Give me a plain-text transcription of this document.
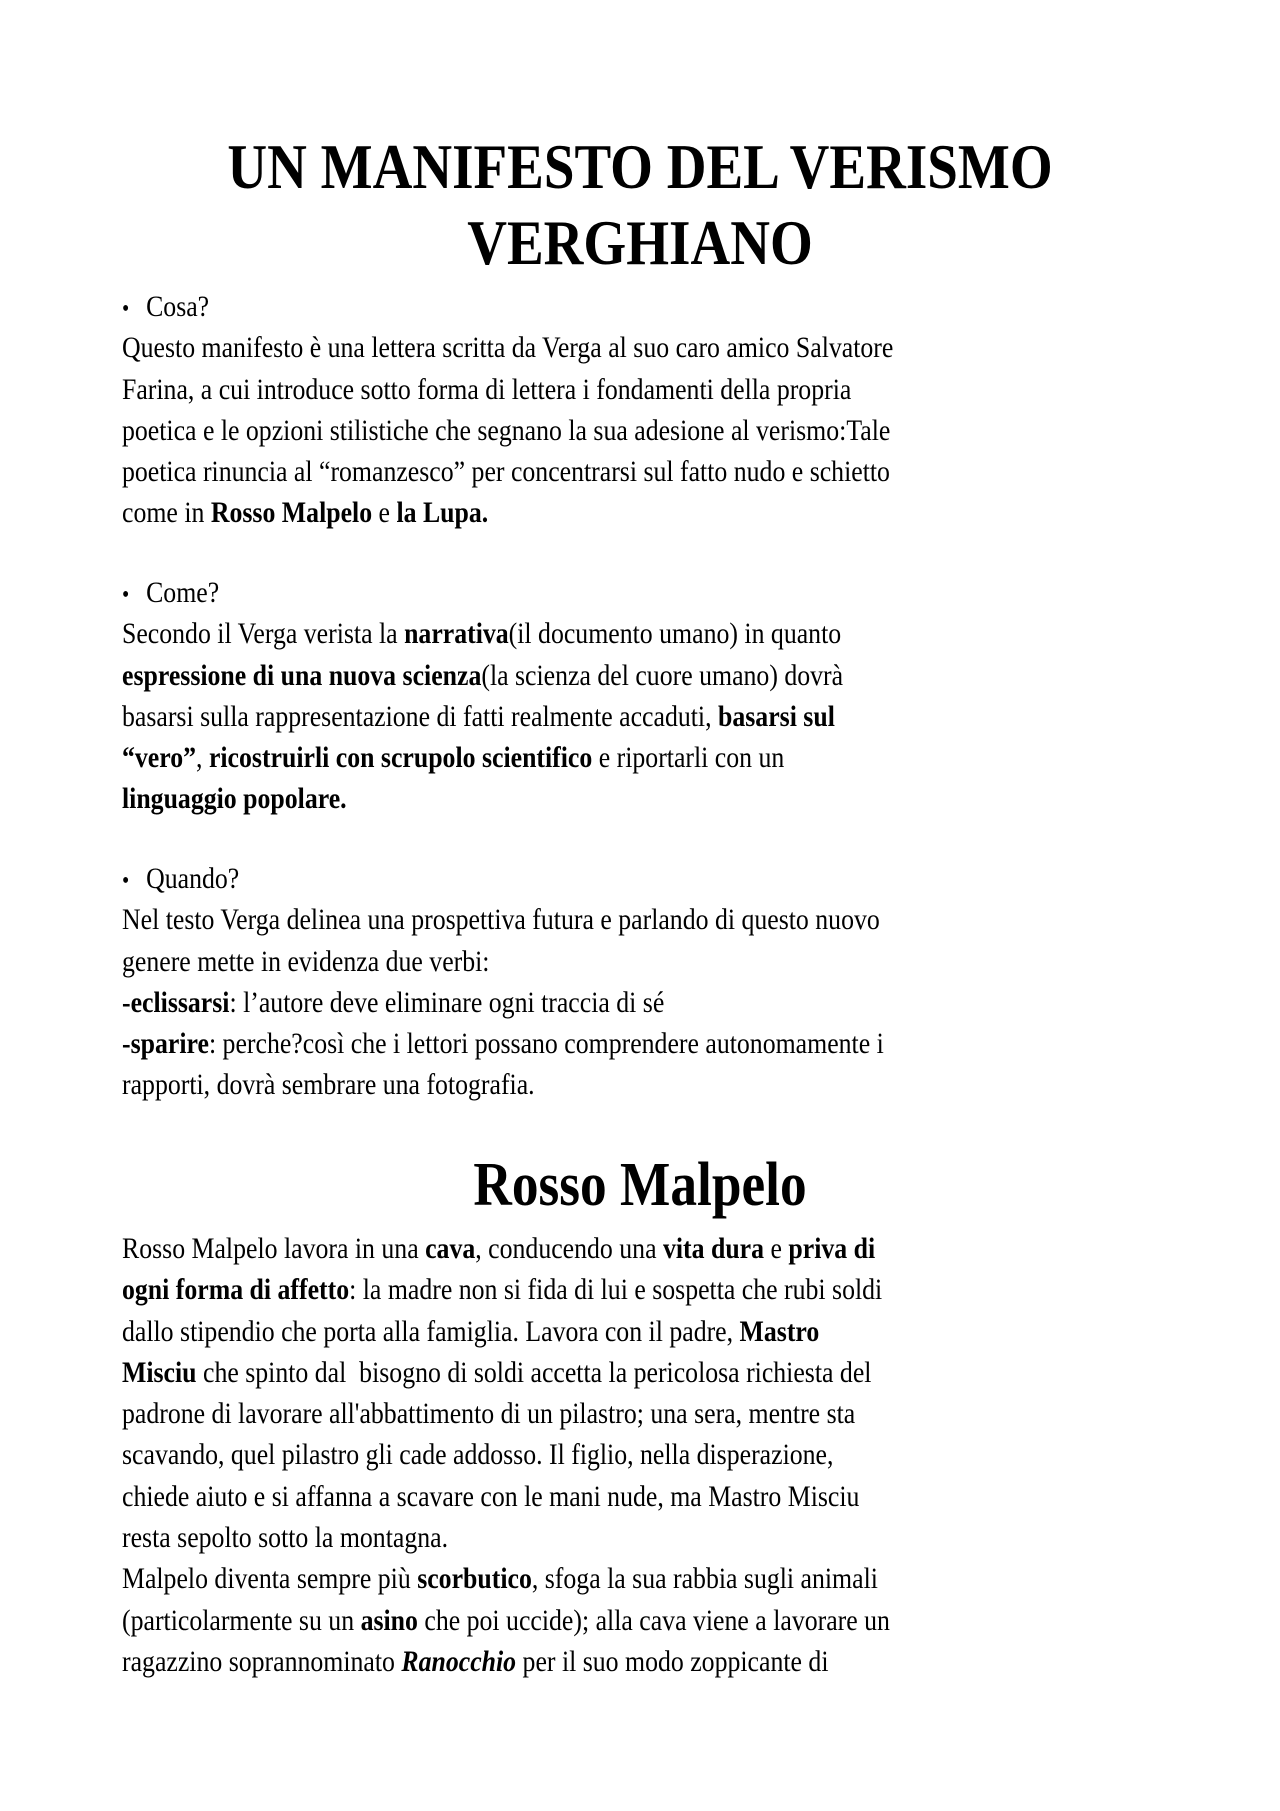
UN MANIFESTO DEL VERISMO
VERGHIANO
• Cosa?
Questo manifesto è una lettera scritta da Verga al suo caro amico Salvatore
Farina, a cui introduce sotto forma di lettera i fondamenti della propria
poetica e le opzioni stilistiche che segnano la sua adesione al verismo:Tale
poetica rinuncia al “romanzesco” per concentrarsi sul fatto nudo e schietto
come in Rosso Malpelo e la Lupa.
• Come?
Secondo il Verga verista la narrativa(il documento umano) in quanto
espressione di una nuova scienza(la scienza del cuore umano) dovrà
basarsi sulla rappresentazione di fatti realmente accaduti, basarsi sul
“vero”, ricostruirli con scrupolo scientifico e riportarli con un
linguaggio popolare.
• Quando?
Nel testo Verga delinea una prospettiva futura e parlando di questo nuovo
genere mette in evidenza due verbi:
-eclissarsi: l’autore deve eliminare ogni traccia di sé
-sparire: perche?così che i lettori possano comprendere autonomamente i
rapporti, dovrà sembrare una fotografia.
Rosso Malpelo
Rosso Malpelo lavora in una cava, conducendo una vita dura e priva di
ogni forma di affetto: la madre non si fida di lui e sospetta che rubi soldi
dallo stipendio che porta alla famiglia. Lavora con il padre, Mastro
Misciu che spinto dal  bisogno di soldi accetta la pericolosa richiesta del
padrone di lavorare all'abbattimento di un pilastro; una sera, mentre sta
scavando, quel pilastro gli cade addosso. Il figlio, nella disperazione,
chiede aiuto e si affanna a scavare con le mani nude, ma Mastro Misciu
resta sepolto sotto la montagna.
Malpelo diventa sempre più scorbutico, sfoga la sua rabbia sugli animali
(particolarmente su un asino che poi uccide); alla cava viene a lavorare un
ragazzino soprannominato Ranocchio per il suo modo zoppicante di
